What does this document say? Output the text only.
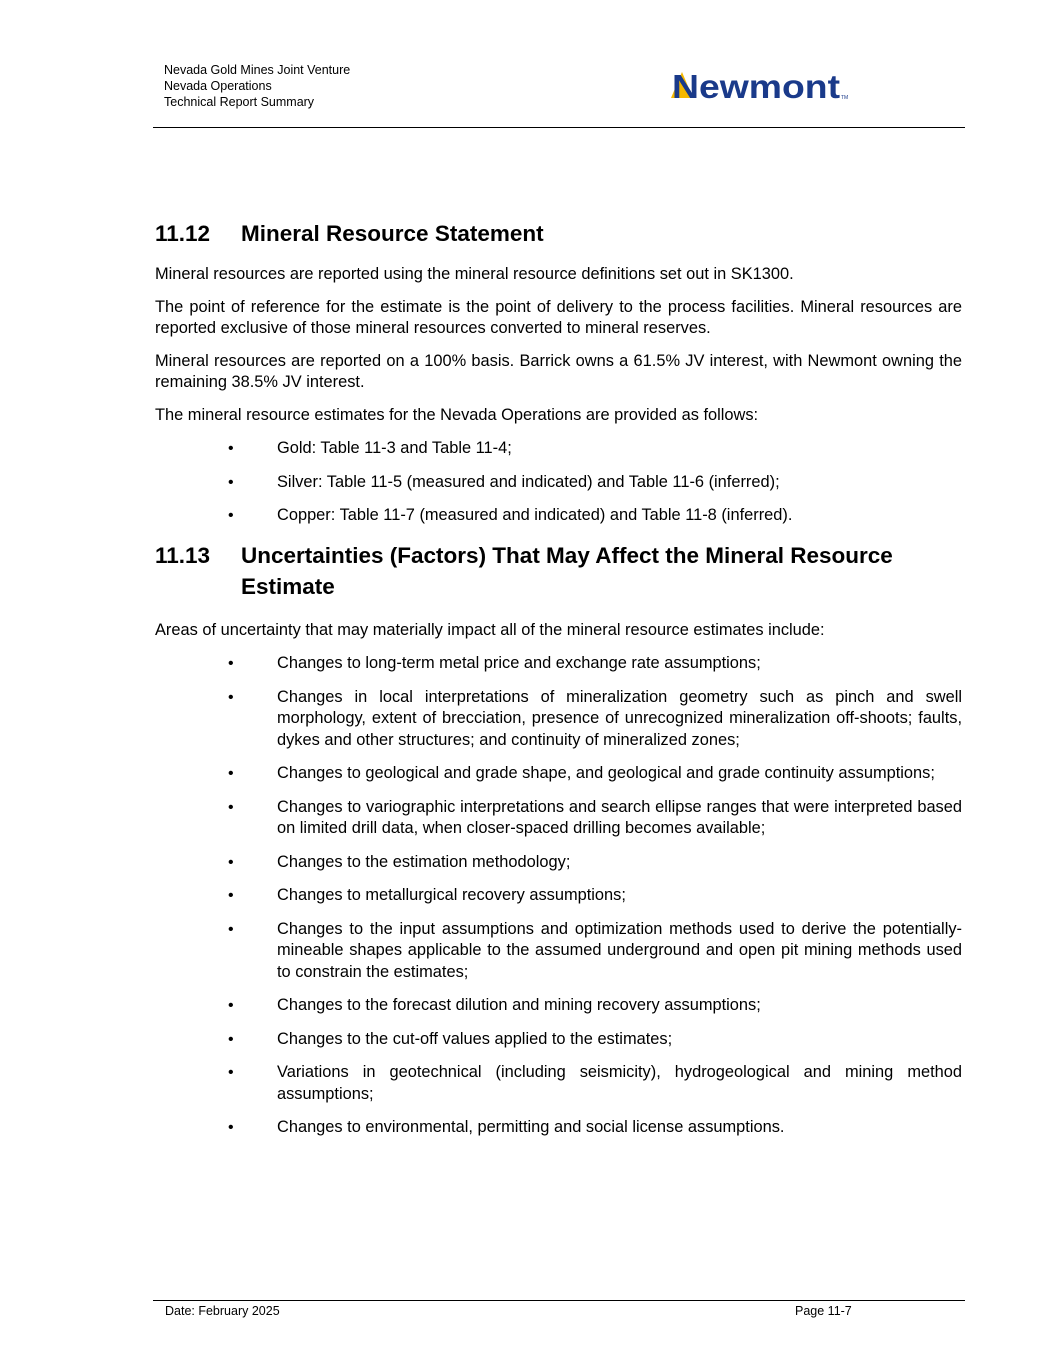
Nevada Gold Mines Joint Venture
Nevada Operations
Technical Report Summary	Newmont TM
11.12	Mineral Resource Statement

Mineral resources are reported using the mineral resource definitions set out in SK1300.

The point of reference for the estimate is the point of delivery to the process facilities. Mineral resources are reported exclusive of those mineral resources converted to mineral reserves.

Mineral resources are reported on a 100% basis. Barrick owns a 61.5% JV interest, with Newmont owning the remaining 38.5% JV interest.

The mineral resource estimates for the Nevada Operations are provided as follows:

•	Gold: Table 11-3 and Table 11-4;
•	Silver: Table 11-5 (measured and indicated) and Table 11-6 (inferred);
•	Copper: Table 11-7 (measured and indicated) and Table 11-8 (inferred).
11.13	Uncertainties (Factors) That May Affect the Mineral Resource Estimate

Areas of uncertainty that may materially impact all of the mineral resource estimates include:

•	Changes to long-term metal price and exchange rate assumptions;
•	Changes in local interpretations of mineralization geometry such as pinch and swell morphology, extent of brecciation, presence of unrecognized mineralization off-shoots; faults, dykes and other structures; and continuity of mineralized zones;
•	Changes to geological and grade shape, and geological and grade continuity assumptions;
•	Changes to variographic interpretations and search ellipse ranges that were interpreted based on limited drill data, when closer-spaced drilling becomes available;
•	Changes to the estimation methodology;
•	Changes to metallurgical recovery assumptions;
•	Changes to the input assumptions and optimization methods used to derive the potentially-mineable shapes applicable to the assumed underground and open pit mining methods used to constrain the estimates;
•	Changes to the forecast dilution and mining recovery assumptions;
•	Changes to the cut-off values applied to the estimates;
•	Variations in geotechnical (including seismicity), hydrogeological and mining method assumptions;
•	Changes to environmental, permitting and social license assumptions.
Date: February 2025	Page 11-7
